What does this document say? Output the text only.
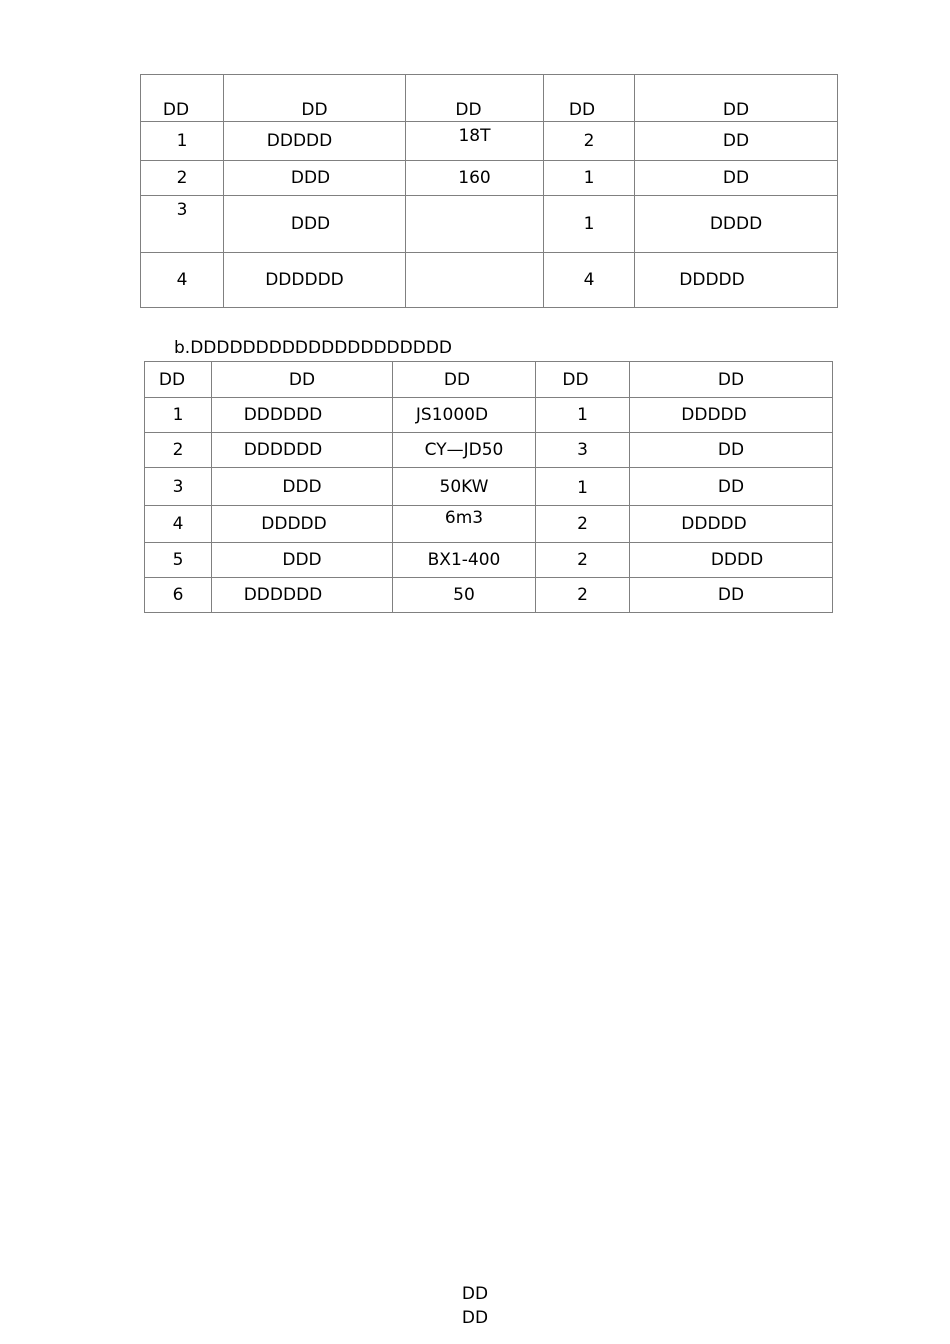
DD	DD	DD	DD	DD
1	DDDDD	18T	2	DD
2	DDD	160	1	DD
3	DDD		1	DDDD
4	DDDDDD		4	DDDDD
b.DDDDDDDDDDDDDDDDDDDD
DD	DD	DD	DD	DD
1	DDDDDD	JS1000D	1	DDDDD
2	DDDDDD	CY—JD50	3	DD
3	DDD	50KW	1	DD
4	DDDDD	6m3	2	DDDDD
5	DDD	BX1-400	2	DDDD
6	DDDDDD	50	2	DD
DD
DD
